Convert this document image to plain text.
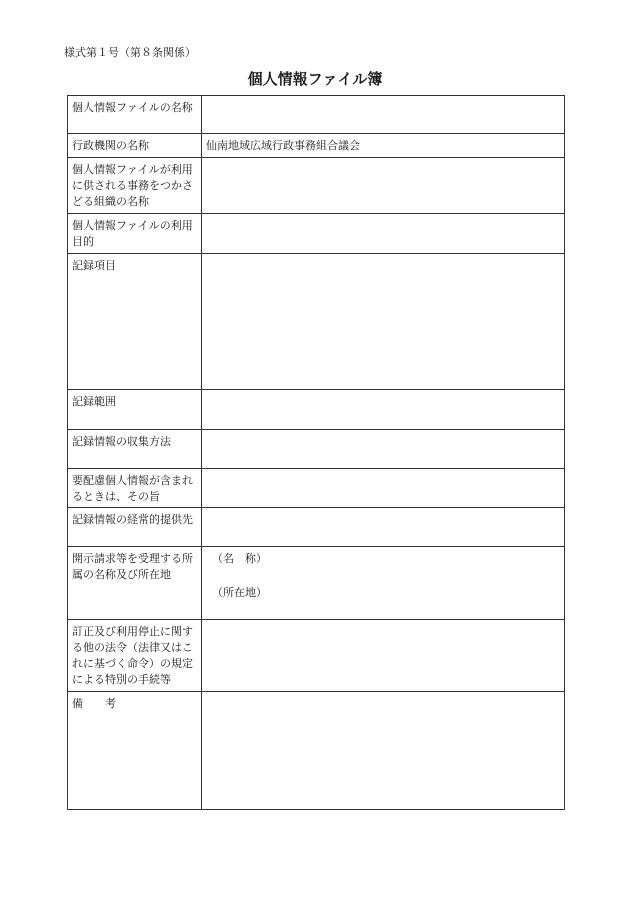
様式第１号（第８条関係）
個人情報ファイル簿
個人情報ファイルの名称	
行政機関の名称	仙南地域広域行政事務組合議会
個人情報ファイルが利用に供される事務をつかさどる組織の名称	
個人情報ファイルの利用目的	
記録項目	
記録範囲	
記録情報の収集方法	
要配慮個人情報が含まれるときは、その旨	
記録情報の経常的提供先	
開示請求等を受理する所属の名称及び所在地	（名　称）
（所在地）

訂正及び利用停止に関する他の法令（法律又はこれに基づく命令）の規定による特別の手続等	
備考	
